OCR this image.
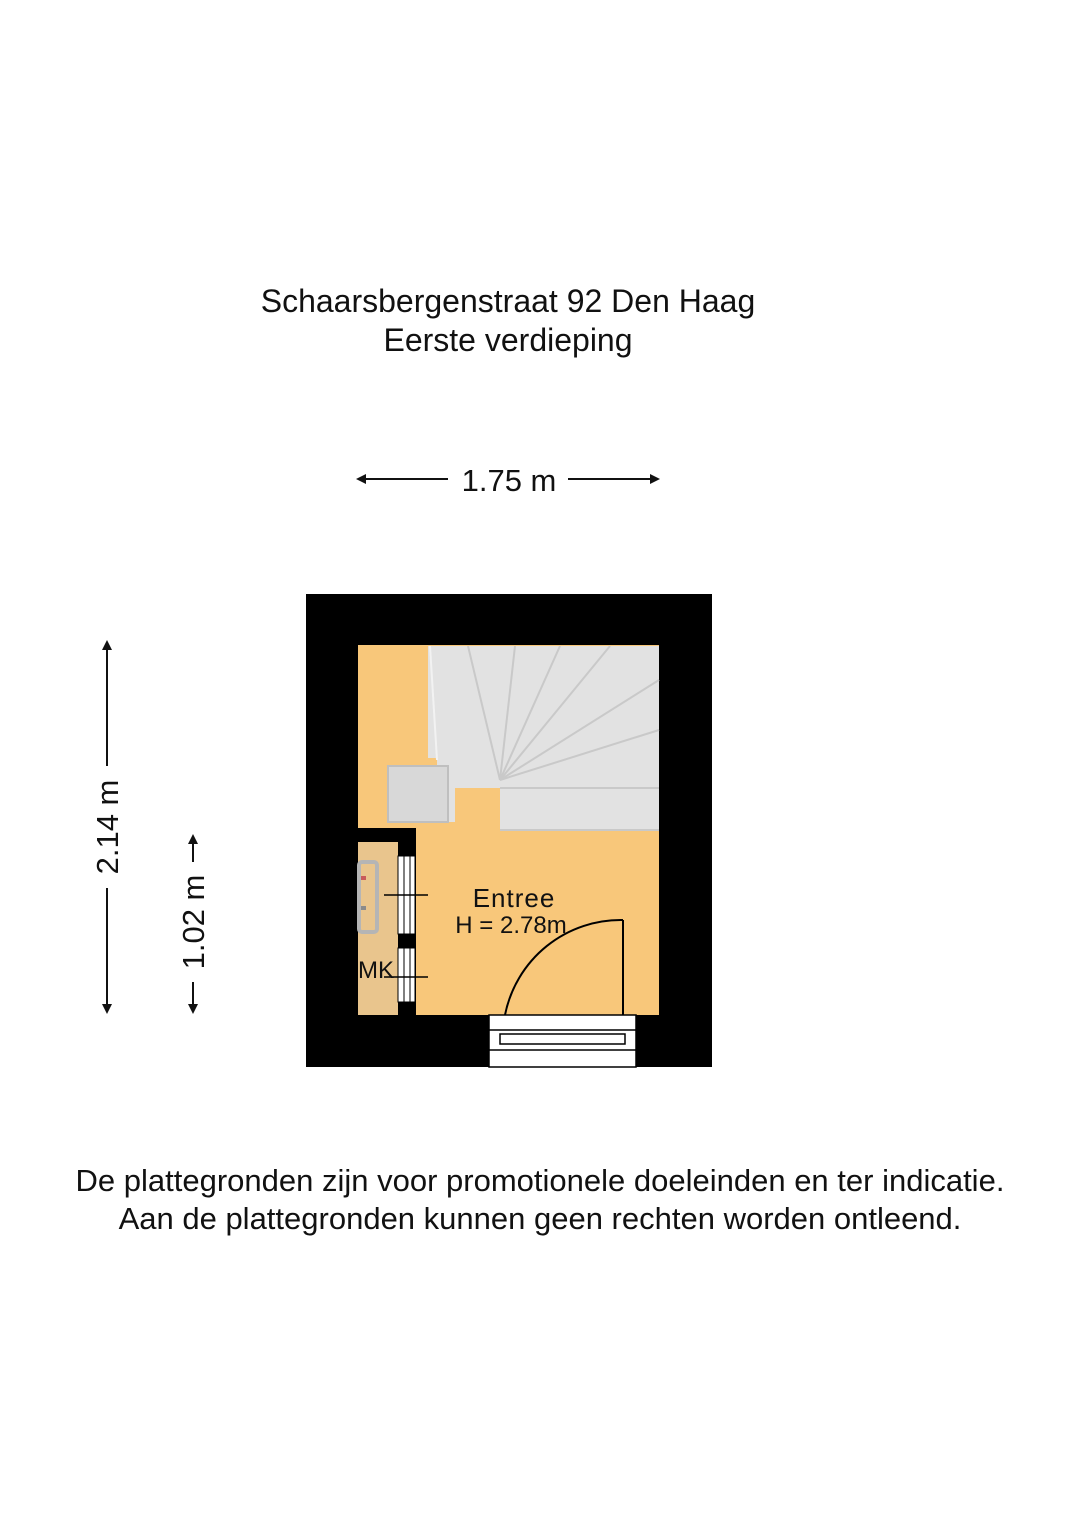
Schaarsbergenstraat 92 Den Haag
Eerste verdieping
1.75 m
2.14 m
1.02 m	Entree
H = 2.78m
MK
De plattegronden zijn voor promotionele doeleinden en ter indicatie.
Aan de plattegronden kunnen geen rechten worden ontleend.
